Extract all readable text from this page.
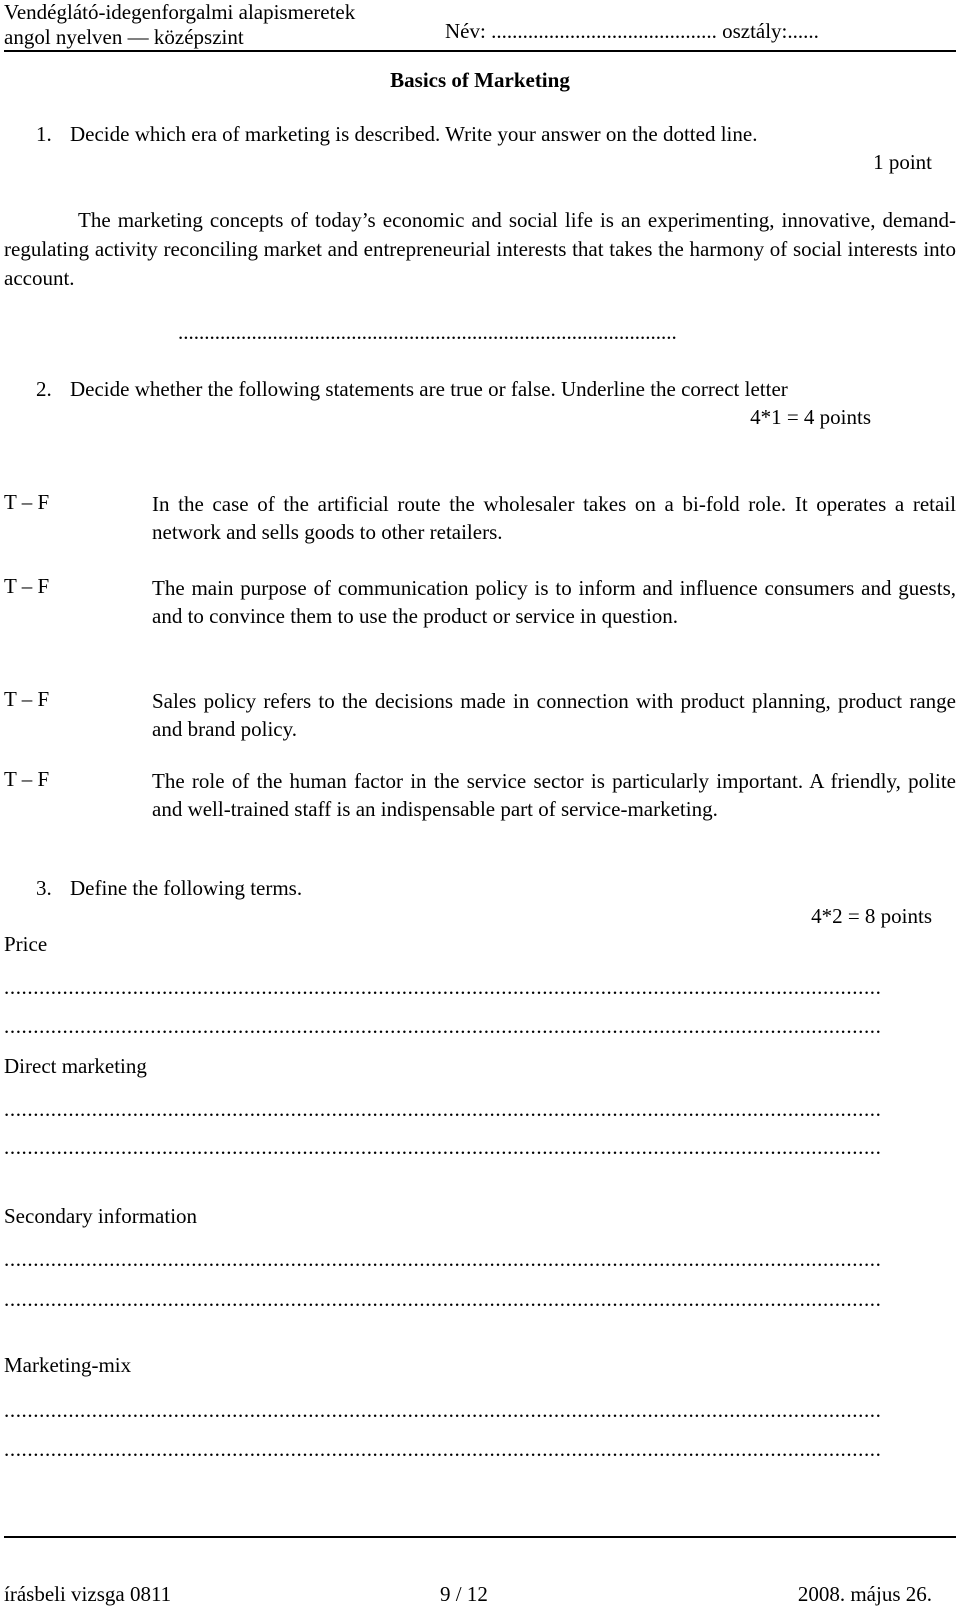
Vendéglátó-idegenforgalmi alapismeretek
angol nyelven — középszint	Név: ........................................... osztály:......
Basics of Marketing
1. Decide which era of marketing is described. Write your answer on the dotted line.
1 point
The marketing concepts of today’s economic and social life is an experimenting, innovative, demand-regulating activity reconciling market and entrepreneurial interests that takes the harmony of social interests into account.
...............................................................................................
2. Decide whether the following statements are true or false. Underline the correct letter
4*1 = 4 points
T – F	In the case of the artificial route the wholesaler takes on a bi-fold role. It operates a retail network and sells goods to other retailers.
T – F	The main purpose of communication policy is to inform and influence consumers and guests, and to convince them to use the product or service in question.
T – F	Sales policy refers to the decisions made in connection with product planning, product range and brand policy.
T – F	The role of the human factor in the service sector is particularly important. A friendly, polite and well-trained staff is an indispensable part of service-marketing.
3. Define the following terms.
4*2 = 8 points
Price
......................................................................................................................................................
......................................................................................................................................................
Direct marketing
......................................................................................................................................................
......................................................................................................................................................
Secondary information
......................................................................................................................................................
......................................................................................................................................................
Marketing-mix
......................................................................................................................................................
......................................................................................................................................................
írásbeli vizsga 0811	9 / 12	2008. május 26.
